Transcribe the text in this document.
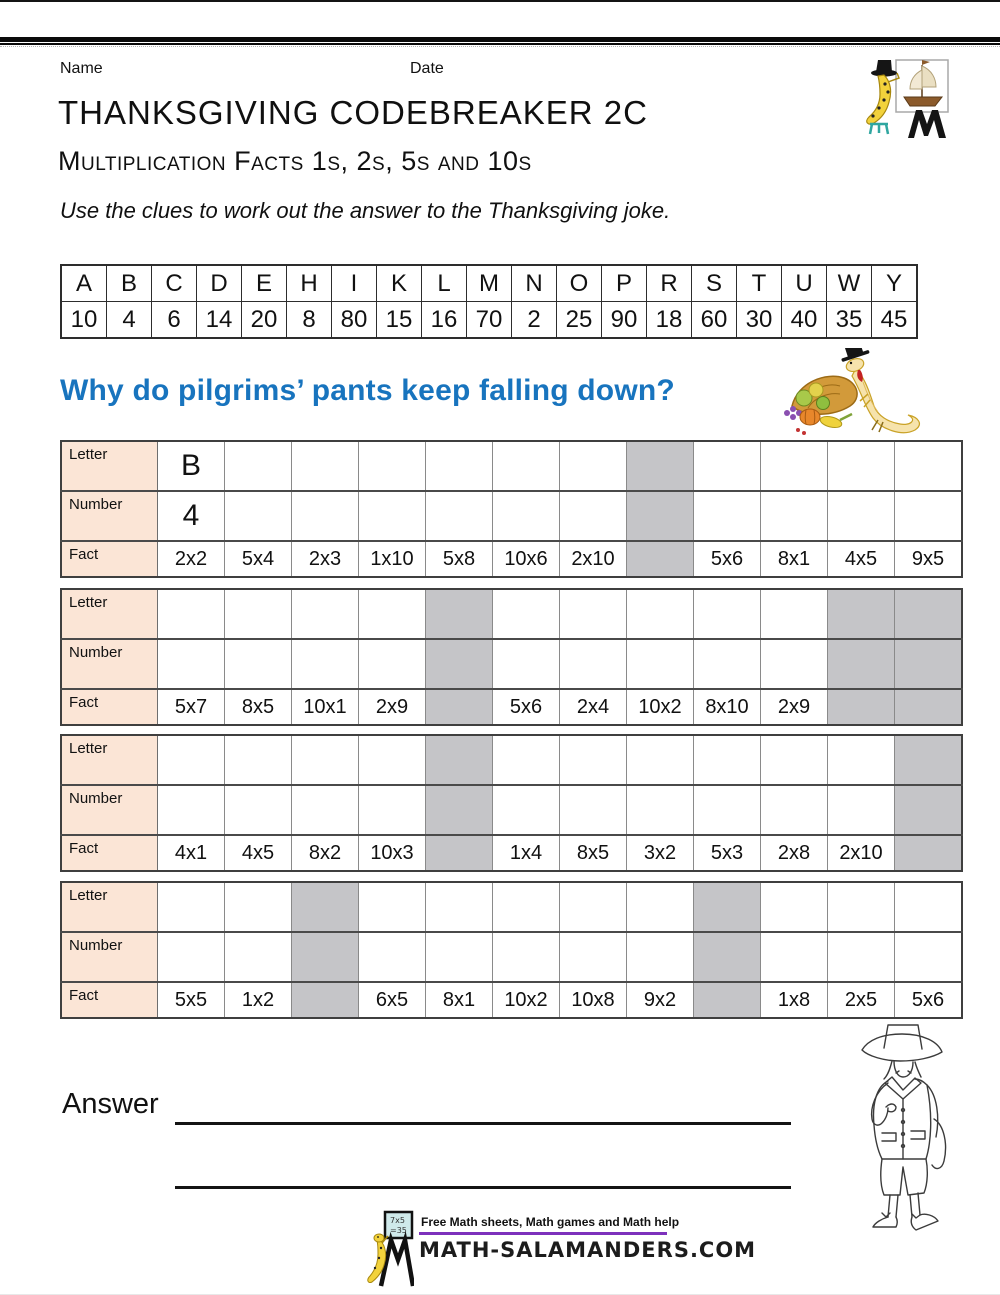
Name	Date
THANKSGIVING CODEBREAKER 2C
Multiplication Facts 1s, 2s, 5s and 10s

Use the clues to work out the answer to the Thanksgiving joke.

A	B	C	D	E	H	I	K	L	M	N	O	P	R	S	T	U	W	Y
10	4	6	14	20	8	80	15	16	70	2	25	90	18	60	30	40	35	45
Why do pilgrims’ pants keep falling down?
Letter	B											
Number	4											
Fact	2x2	5x4	2x3	1x10	5x8	10x6	2x10		5x6	8x1	4x5	9x5
Letter												
Number												
Fact	5x7	8x5	10x1	2x9		5x6	2x4	10x2	8x10	2x9		
Letter												
Number												
Fact	4x1	4x5	8x2	10x3		1x4	8x5	3x2	5x3	2x8	2x10	
Letter												
Number												
Fact	5x5	1x2		6x5	8x1	10x2	10x8	9x2		1x8	2x5	5x6
Answer
7x5
=35
Free Math sheets, Math games and Math help
MATH-SALAMANDERS.COM
